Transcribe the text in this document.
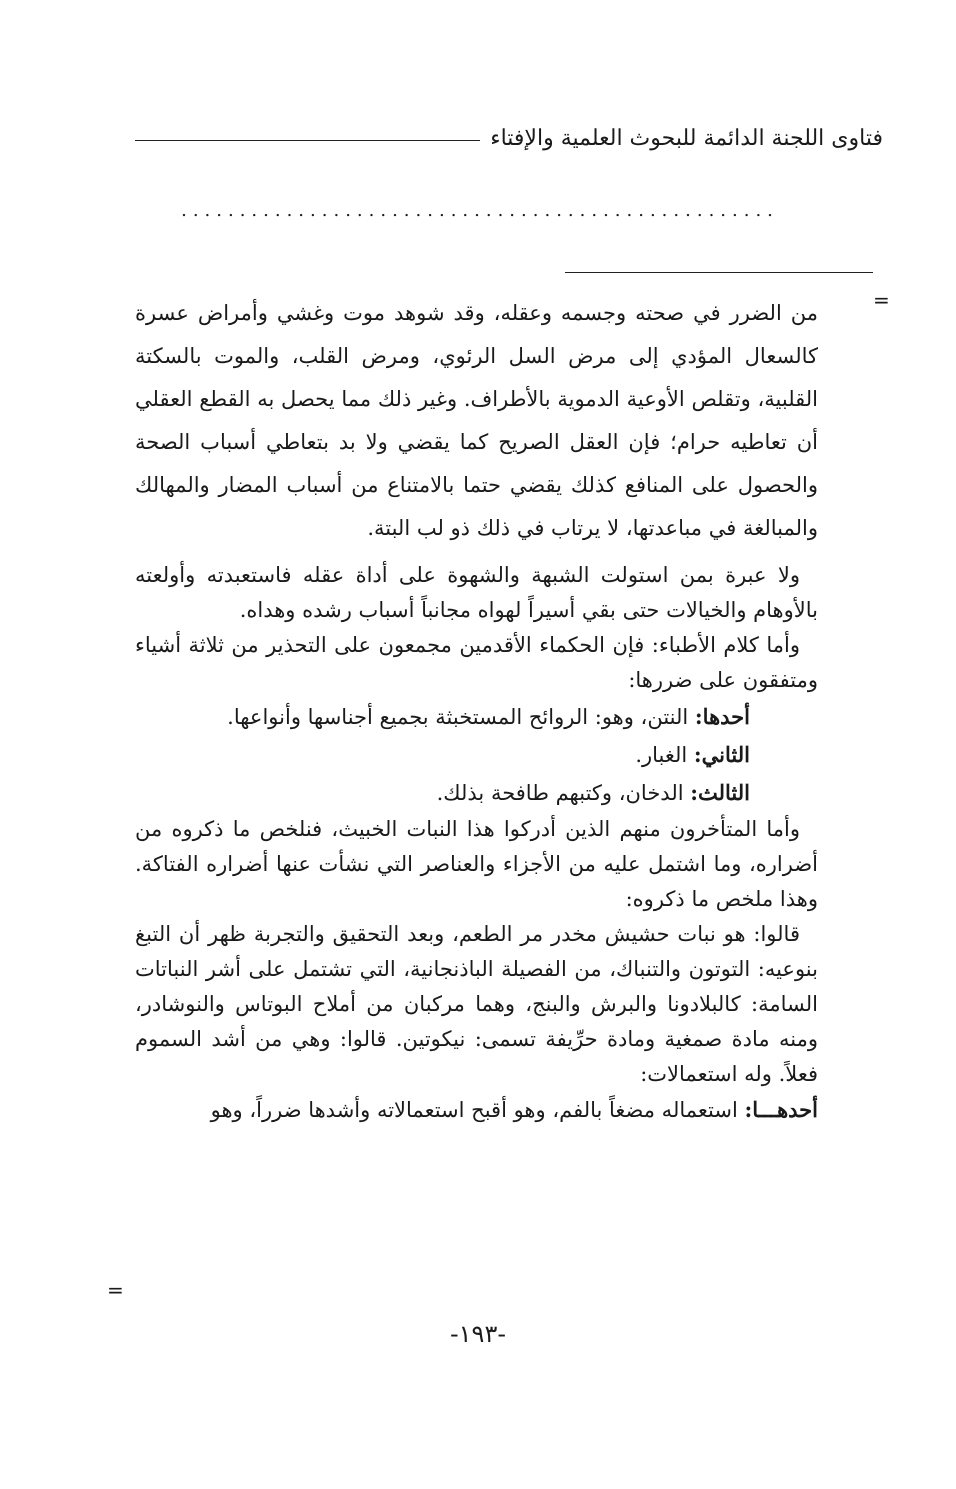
فتاوى اللجنة الدائمة للبحوث العلمية والإفتاء
...................................................
=
=

من الضرر في صحته وجسمه وعقله، وقد شوهد موت وغشي وأمراض عسرة كالسعال المؤدي إلى مرض السل الرئوي، ومرض القلب، والموت بالسكتة القلبية، وتقلص الأوعية الدموية بالأطراف. وغير ذلك مما يحصل به القطع العقلي أن تعاطيه حرام؛ فإن العقل الصريح كما يقضي ولا بد بتعاطي أسباب الصحة والحصول على المنافع كذلك يقضي حتما بالامتناع من أسباب المضار والمهالك والمبالغة في مباعدتها، لا يرتاب في ذلك ذو لب البتة.

ولا عبرة بمن استولت الشبهة والشهوة على أداة عقله فاستعبدته وأولعته بالأوهام والخيالات حتى بقي أسيراً لهواه مجانباً أسباب رشده وهداه.

وأما كلام الأطباء: فإن الحكماء الأقدمين مجمعون على التحذير من ثلاثة أشياء ومتفقون على ضررها:

أحدها: النتن، وهو: الروائح المستخبثة بجميع أجناسها وأنواعها.

الثاني: الغبار.

الثالث: الدخان، وكتبهم طافحة بذلك.

وأما المتأخرون منهم الذين أدركوا هذا النبات الخبيث، فنلخص ما ذكروه من أضراره، وما اشتمل عليه من الأجزاء والعناصر التي نشأت عنها أضراره الفتاكة. وهذا ملخص ما ذكروه:

قالوا: هو نبات حشيش مخدر مر الطعم، وبعد التحقيق والتجربة ظهر أن التبغ بنوعيه: التوتون والتنباك، من الفصيلة الباذنجانية، التي تشتمل على أشر النباتات السامة: كالبلادونا والبرش والبنج، وهما مركبان من أملاح البوتاس والنوشادر، ومنه مادة صمغية ومادة حرِّيفة تسمى: نيكوتين. قالوا: وهي من أشد السموم فعلاً. وله استعمالات:

أحدهـــا: استعماله مضغاً بالفم، وهو أقبح استعمالاته وأشدها ضرراً، وهو

-١٩٣-
